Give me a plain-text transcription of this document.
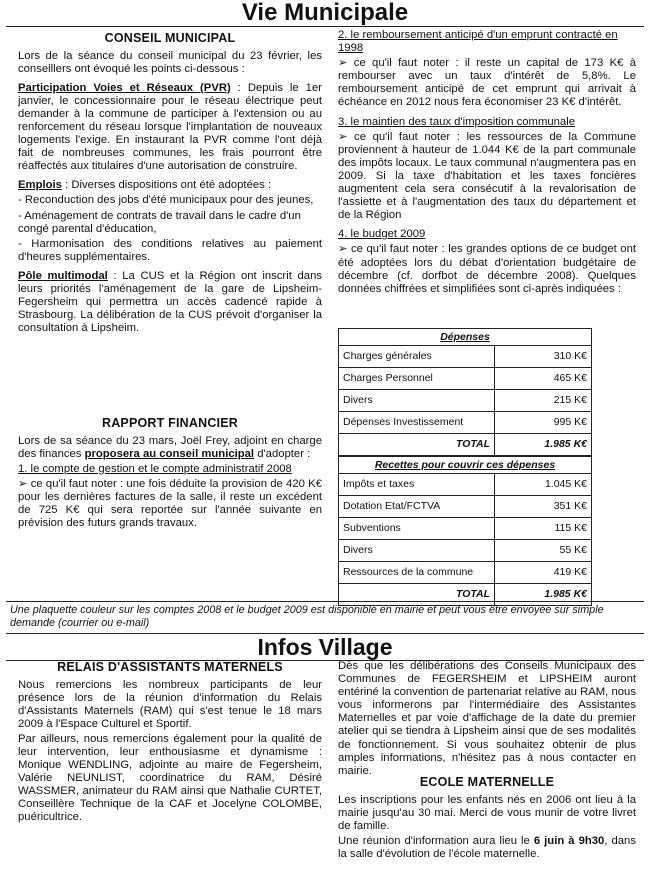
Vie Municipale
CONSEIL MUNICIPAL

Lors de la séance du conseil municipal du 23 février, les conseillers ont évoqué les points ci-dessous :

Participation Voies et Réseaux (PVR) : Depuis le 1er janvier, le concessionnaire pour le réseau électrique peut demander à la commune de participer à l'extension ou au renforcement du réseau lorsque l'implantation de nouveaux logements l'exige. En instaurant la PVR comme l'ont déjà fait de nombreuses communes, les frais pourront être réaffectés aux titulaires d'une autorisation de construire.

Emplois : Diverses dispositions ont été adoptées :
- Reconduction des jobs d'été municipaux pour des jeunes,
- Aménagement de contrats de travail dans le cadre d'un congé parental d'éducation,

- Harmonisation des conditions relatives au paiement d'heures supplémentaires.

Pôle multimodal : La CUS et la Région ont inscrit dans leurs priorités l'aménagement de la gare de Lipsheim-Fegersheim qui permettra un accès cadencé rapide à Strasbourg. La délibération de la CUS prévoit d'organiser la consultation à Lipsheim.

RAPPORT FINANCIER

Lors de sa séance du 23 mars, Joël Frey, adjoint en charge des finances proposera au conseil municipal d'adopter :

1. le compte de gestion et le compte administratif 2008

➢ ce qu'il faut noter : une fois déduite la provision de 420 K€ pour les dernières factures de la salle, il reste un excédent de 725 K€ qui sera reportée sur l'année suivante en prévision des futurs grands travaux.

2. le remboursement anticipé d'un emprunt contracté en 1998

➢ ce qu'il faut noter : il reste un capital de 173 K€ à rembourser avec un taux d'intérêt de 5,8%. Le remboursement anticipé de cet emprunt qui arrivait à échéance en 2012 nous fera économiser 23 K€ d'intérêt.

3. le maintien des taux d'imposition communale

➢ ce qu'il faut noter : les ressources de la Commune proviennent à hauteur de 1.044 K€ de la part communale des impôts locaux. Le taux communal n'augmentera pas en 2009. Si la taxe d'habitation et les taxes foncières augmentent cela sera consécutif à la revalorisation de l'assiette et à l'augmentation des taux du département et de la Région

4. le budget 2009

➢ ce qu'il faut noter : les grandes options de ce budget ont été adoptées lors du débat d'orientation budgétaire de décembre (cf. dorfbot de décembre 2008). Quelques données chiffrées et simplifiées sont ci-après indiquées :

Dépenses	
Charges générales	310 K€
Charges Personnel	465 K€
Divers	215 K€
Dépenses Investissement	995 K€
TOTAL	1.985 K€
Recettes pour couvrir ces dépenses	
Impôts et taxes	1.045 K€
Dotation Etat/FCTVA	351 K€
Subventions	115 K€
Divers	55 K€
Ressources de la commune	419 K€
TOTAL	1.985 K€
Une plaquette couleur sur les comptes 2008 et le budget 2009 est disponible en mairie et peut vous être envoyée sur simple demande (courrier ou e-mail)
Infos Village
RELAIS D'ASSISTANTS MATERNELS

Nous remercions les nombreux participants de leur présence lors de la réunion d'information du Relais d'Assistants Maternels (RAM) qui s'est tenue le 18 mars 2009 à l'Espace Culturel et Sportif.

Par ailleurs, nous remercions également pour la qualité de leur intervention, leur enthousiasme et dynamisme : Monique WENDLING, adjointe au maire de Fegersheim, Valérie NEUNLIST, coordinatrice du RAM, Désiré WASSMER, animateur du RAM ainsi que Nathalie CURTET, Conseillère Technique de la CAF et Jocelyne COLOMBE, puéricultrice.

Dès que les délibérations des Conseils Municipaux des Communes de FEGERSHEIM et LIPSHEIM auront entériné la convention de partenariat relative au RAM, nous vous informerons par l'intermédiaire des Assistantes Maternelles et par voie d'affichage de la date du premier atelier qui se tiendra à Lipsheim ainsi que de ses modalités de fonctionnement. Si vous souhaitez obtenir de plus amples informations, n'hésitez pas à nous contacter en mairie.

ECOLE MATERNELLE

Les inscriptions pour les enfants nés en 2006 ont lieu à la mairie jusqu'au 30 mai. Merci de vous munir de votre livret de famille.

Une réunion d'information aura lieu le 6 juin à 9h30, dans la salle d'évolution de l'école maternelle.
